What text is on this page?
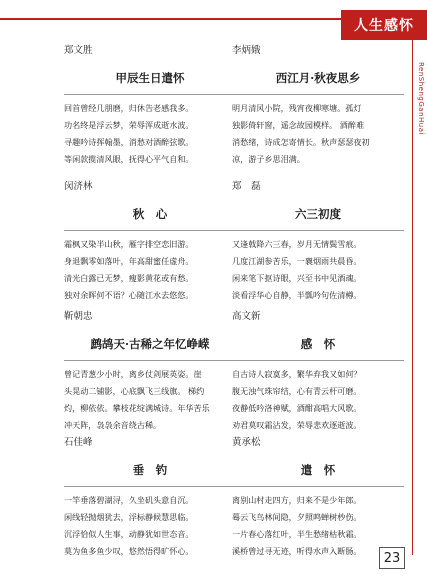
人生感怀
RenShengGanHuai
郑文胜
甲辰生日遣怀
回首曾经几朋磨，归休告老感我多。
功名终是浮云梦，荣辱浑成逝水波。
寻趣吟诗挥翰墨，消愁对酒醉弦歌。
等闲款揽清风眼，抚得心平气自和。
李炳娥
西江月·秋夜思乡
明月清风小院，残宵夜柳寒塘。孤灯
独影倚轩窗，遥念故园模样。 酒醉难
消愁绪，诗成怎寄情长。秋声瑟瑟夜初
凉，游子乡思泪满。
闵济林
秋　心
霜枫又染半山秋，雁字排空恋旧游。
身退飘零如落叶，年高甜蜜任虚舟。
清光白露已无梦，瘦影黄花或有愁。
独对余晖何不语？心随江水去悠悠。
郑　磊
六三初度
又逢戟降六三春，岁月无情鬓雪痕。
几度江湖参苦乐，一襄烟雨共晨昏。
闲来笔下抠诗眼，兴至书中见酒魂。
淡看浮华心自静，半瓢吟句佐清樽。
靳朝忠
鹧鸪天·古稀之年忆峥嵘
曾记青葱少小时，离乡仗剑展英姿。崖
头晃动二铺影，心底飘飞三线旗。 梯约
灼，柳依依。攀枝花绽满城诗。年华苦乐
冲天阵，袅袅余音绕古稀。
高文新
感　怀
自古诗人寂寞多，繁华弃我又如何？
腹无浊气珠帘结，心有青云杆可磨。
夜静低吟洛神赋，酒酣高唱大风歌。
劝君莫叹霜沾发，荣辱悲欢逐逝波。
石佳峰
垂　钓
一竿垂落碧湖浔，久坐矶头意自沉。
闲线轻抛烟犹去，浮标静候慧思临。
沉浮恰似人生事，动静犹如世态音。
莫为鱼多鱼少叹，悠然悟得旷怀心。
黄承松
遣　怀
离别山村走四方，归来不是少年郎。
蓦云飞鸟林间隐，夕照鸣蝉树杪伤。
一片春心落红叶，半生愁绪枯秋霜。
溪桥曾过寻无迹，听得水声入断肠。	23
